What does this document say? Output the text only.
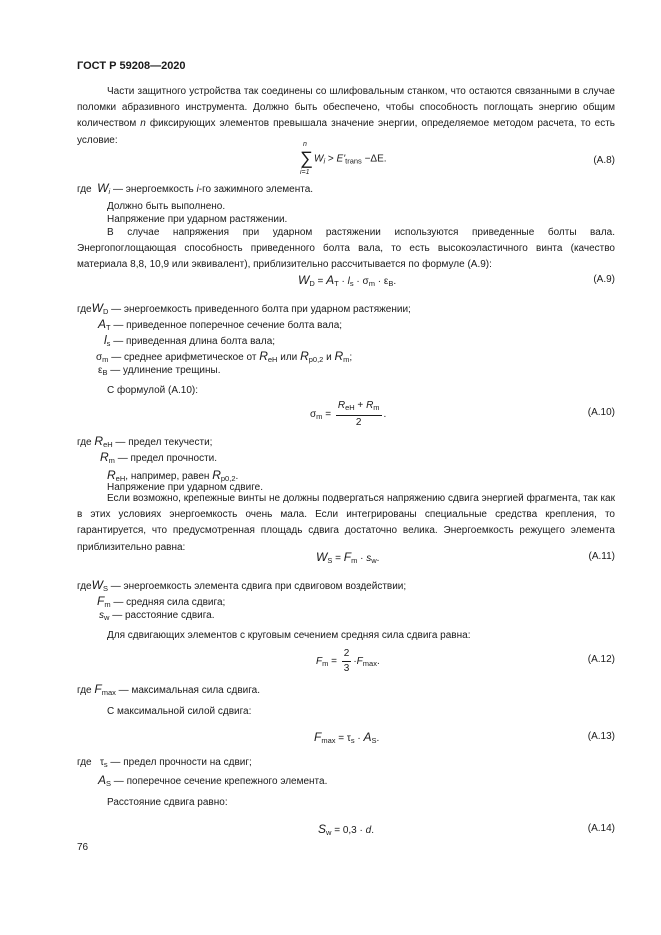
ГОСТ Р 59208—2020
Части защитного устройства так соединены со шлифовальным станком, что остаются связанными в случае поломки абразивного инструмента. Должно быть обеспечено, чтобы способность поглощать энергию общим количеством n фиксирующих элементов превышала значение энергии, определяемое методом расчета, то есть условие:	n
∑
i=1
$W_i > E'_{trans} -\Delta E$.	(A.8)
где $W_i$ — энергоемкость i-го зажимного элемента.
Должно быть выполнено.
Напряжение при ударном растяжении.
В случае напряжения при ударном растяжении используются приведенные болты вала. Энергопоглощающая способность приведенного болта вала, то есть высокоэластичного винта (качество материала 8,8, 10,9 или эквивалент), приблизительно рассчитывается по формуле (A.9):
$W_D = A_T \cdot l_s \cdot \sigma_m \cdot \varepsilon_B$.	(A.9)
гдеW$_D$ — энергоемкость приведенного болта при ударном растяжении;
$A_T$ — приведенное поперечное сечение болта вала;
$l_s$ — приведенная длина болта вала;
$\sigma_m$ — среднее арифметическое от $R_{eH}$ или $R_{p0,2}$ и $R_m$;
$\varepsilon_B$ — удлинение трещины.
С формулой (A.10):
$\sigma_m = \frac{R_{eH} + R_m}{2}$ .	(A.10)
где $R_{eH}$ — предел текучести;
$R_m$ — предел прочности.
$R_{eH}$, например, равен $R_{p0,2}$.
Напряжение при ударном сдвиге.
Если возможно, крепежные винты не должны подвергаться напряжению сдвига энергией фрагмента, так как в этих условиях энергоемкость очень мала. Если интегрированы специальные средства крепления, то гарантируется, что предусмотренная площадь сдвига достаточно велика. Энергоемкость режущего элемента приблизительно равна:
$W_S = F_m \cdot s_w$.	(A.11)
гдеW$_S$ — энергоемкость элемента сдвига при сдвиговом воздействии;
$F_m$ — средняя сила сдвига;
$s_w$ — расстояние сдвига.
Для сдвигающих элементов с круговым сечением средняя сила сдвига равна:
$F_m = \frac{2}{3} \cdot F_{max}$.	(A.12)
где $F_{max}$ — максимальная сила сдвига.
С максимальной силой сдвига:
$F_{max} = \tau_s \cdot A_S$.	(A.13)
где $\tau_s$ — предел прочности на сдвиг;
$A_S$ — поперечное сечение крепежного элемента.
Расстояние сдвига равно:
$S_w = 0,3 \cdot d$.	(A.14)
76
